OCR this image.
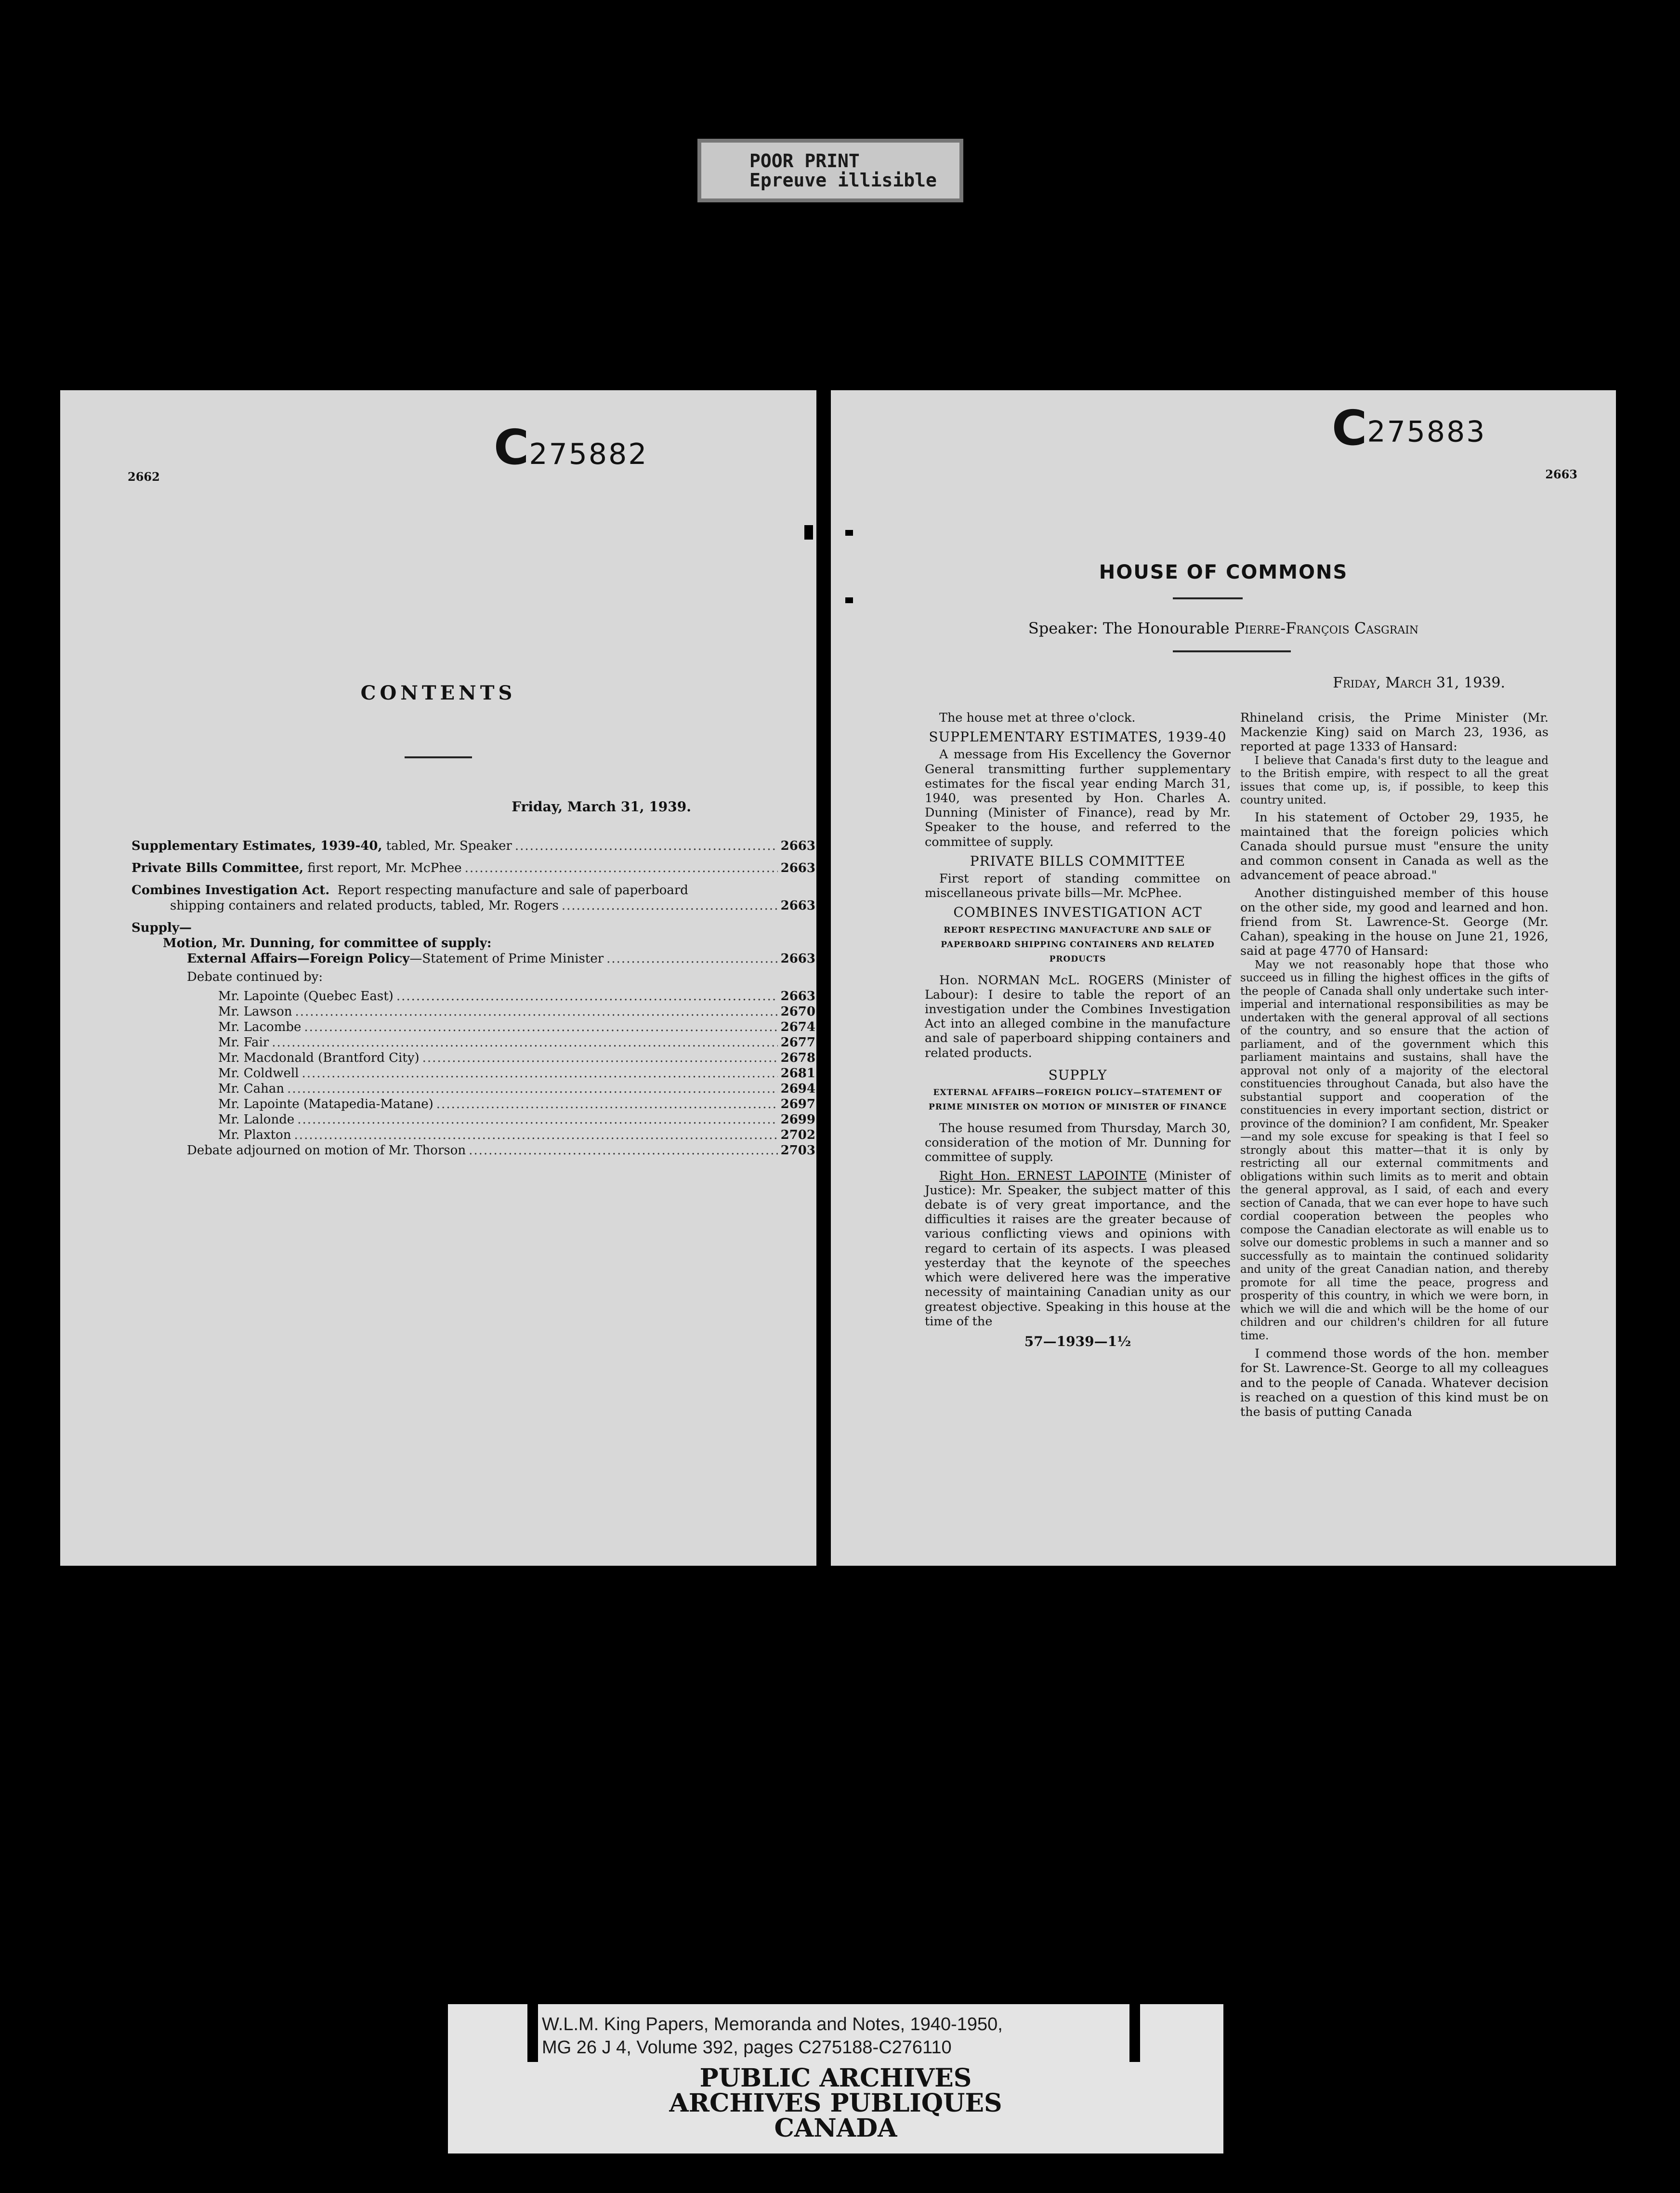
POOR PRINT
Epreuve illisible
2662
C275882
CONTENTS
Friday, March 31, 1939.
Supplementary Estimates, 1939-40, tabled, Mr. Speaker .....	2663
Private Bills Committee, first report, Mr. McPhee .....	2663
Combines Investigation Act.  Report respecting manufacture and sale of paperboard
shipping containers and related products, tabled, Mr. Rogers .....	2663
Supply—
Motion, Mr. Dunning, for committee of supply:
External Affairs—Foreign Policy—Statement of Prime Minister .....	2663
Debate continued by:
Mr. Lapointe (Quebec East) .....	2663
Mr. Lawson .....	2670
Mr. Lacombe .....	2674
Mr. Fair .....	2677
Mr. Macdonald (Brantford City) .....	2678
Mr. Coldwell .....	2681
Mr. Cahan .....	2694
Mr. Lapointe (Matapedia-Matane) .....	2697
Mr. Lalonde .....	2699
Mr. Plaxton .....	2702
Debate adjourned on motion of Mr. Thorson .....	2703
2663
C275883
HOUSE OF COMMONS
Speaker: The Honourable Pierre-François Casgrain
Friday, March 31, 1939.

The house met at three o'clock.

SUPPLEMENTARY ESTIMATES, 1939-40

A message from His Excellency the Governor General transmitting further supplementary estimates for the fiscal year ending March 31, 1940, was presented by Hon. Charles A. Dunning (Minister of Finance), read by Mr. Speaker to the house, and referred to the committee of supply.

PRIVATE BILLS COMMITTEE

First report of standing committee on miscellaneous private bills—Mr. McPhee.

COMBINES INVESTIGATION ACT
REPORT RESPECTING MANUFACTURE AND SALE OF PAPERBOARD SHIPPING CONTAINERS AND RELATED PRODUCTS

Hon. NORMAN McL. ROGERS (Minister of Labour): I desire to table the report of an investigation under the Combines Investigation Act into an alleged combine in the manufacture and sale of paperboard shipping containers and related products.

SUPPLY
EXTERNAL AFFAIRS—FOREIGN POLICY—STATEMENT OF PRIME MINISTER ON MOTION OF MINISTER OF FINANCE

The house resumed from Thursday, March 30, consideration of the motion of Mr. Dunning for committee of supply.

Right Hon. ERNEST LAPOINTE (Minister of Justice): Mr. Speaker, the subject matter of this debate is of very great importance, and the difficulties it raises are the greater because of various conflicting views and opinions with regard to certain of its aspects. I was pleased yesterday that the keynote of the speeches which were delivered here was the imperative necessity of maintaining Canadian unity as our greatest objective. Speaking in this house at the time of the

57—1939—1½

Rhineland crisis, the Prime Minister (Mr. Mackenzie King) said on March 23, 1936, as reported at page 1333 of Hansard:

I believe that Canada's first duty to the league and to the British empire, with respect to all the great issues that come up, is, if possible, to keep this country united.

In his statement of October 29, 1935, he maintained that the foreign policies which Canada should pursue must "ensure the unity and common consent in Canada as well as the advancement of peace abroad."

Another distinguished member of this house on the other side, my good and learned and hon. friend from St. Lawrence-St. George (Mr. Cahan), speaking in the house on June 21, 1926, said at page 4770 of Hansard:

May we not reasonably hope that those who succeed us in filling the highest offices in the gifts of the people of Canada shall only undertake such inter-imperial and international responsibilities as may be undertaken with the general approval of all sections of the country, and so ensure that the action of parliament, and of the government which this parliament maintains and sustains, shall have the approval not only of a majority of the electoral constituencies throughout Canada, but also have the substantial support and cooperation of the constituencies in every important section, district or province of the dominion? I am confident, Mr. Speaker—and my sole excuse for speaking is that I feel so strongly about this matter—that it is only by restricting all our external commitments and obligations within such limits as to merit and obtain the general approval, as I said, of each and every section of Canada, that we can ever hope to have such cordial cooperation between the peoples who compose the Canadian electorate as will enable us to solve our domestic problems in such a manner and so successfully as to maintain the continued solidarity and unity of the great Canadian nation, and thereby promote for all time the peace, progress and prosperity of this country, in which we were born, in which we will die and which will be the home of our children and our children's children for all future time.

I commend those words of the hon. member for St. Lawrence-St. George to all my colleagues and to the people of Canada. Whatever decision is reached on a question of this kind must be on the basis of putting Canada

W.L.M. King Papers, Memoranda and Notes, 1940-1950,
MG 26 J 4, Volume 392, pages C275188-C276110
PUBLIC ARCHIVES
ARCHIVES PUBLIQUES
CANADA
